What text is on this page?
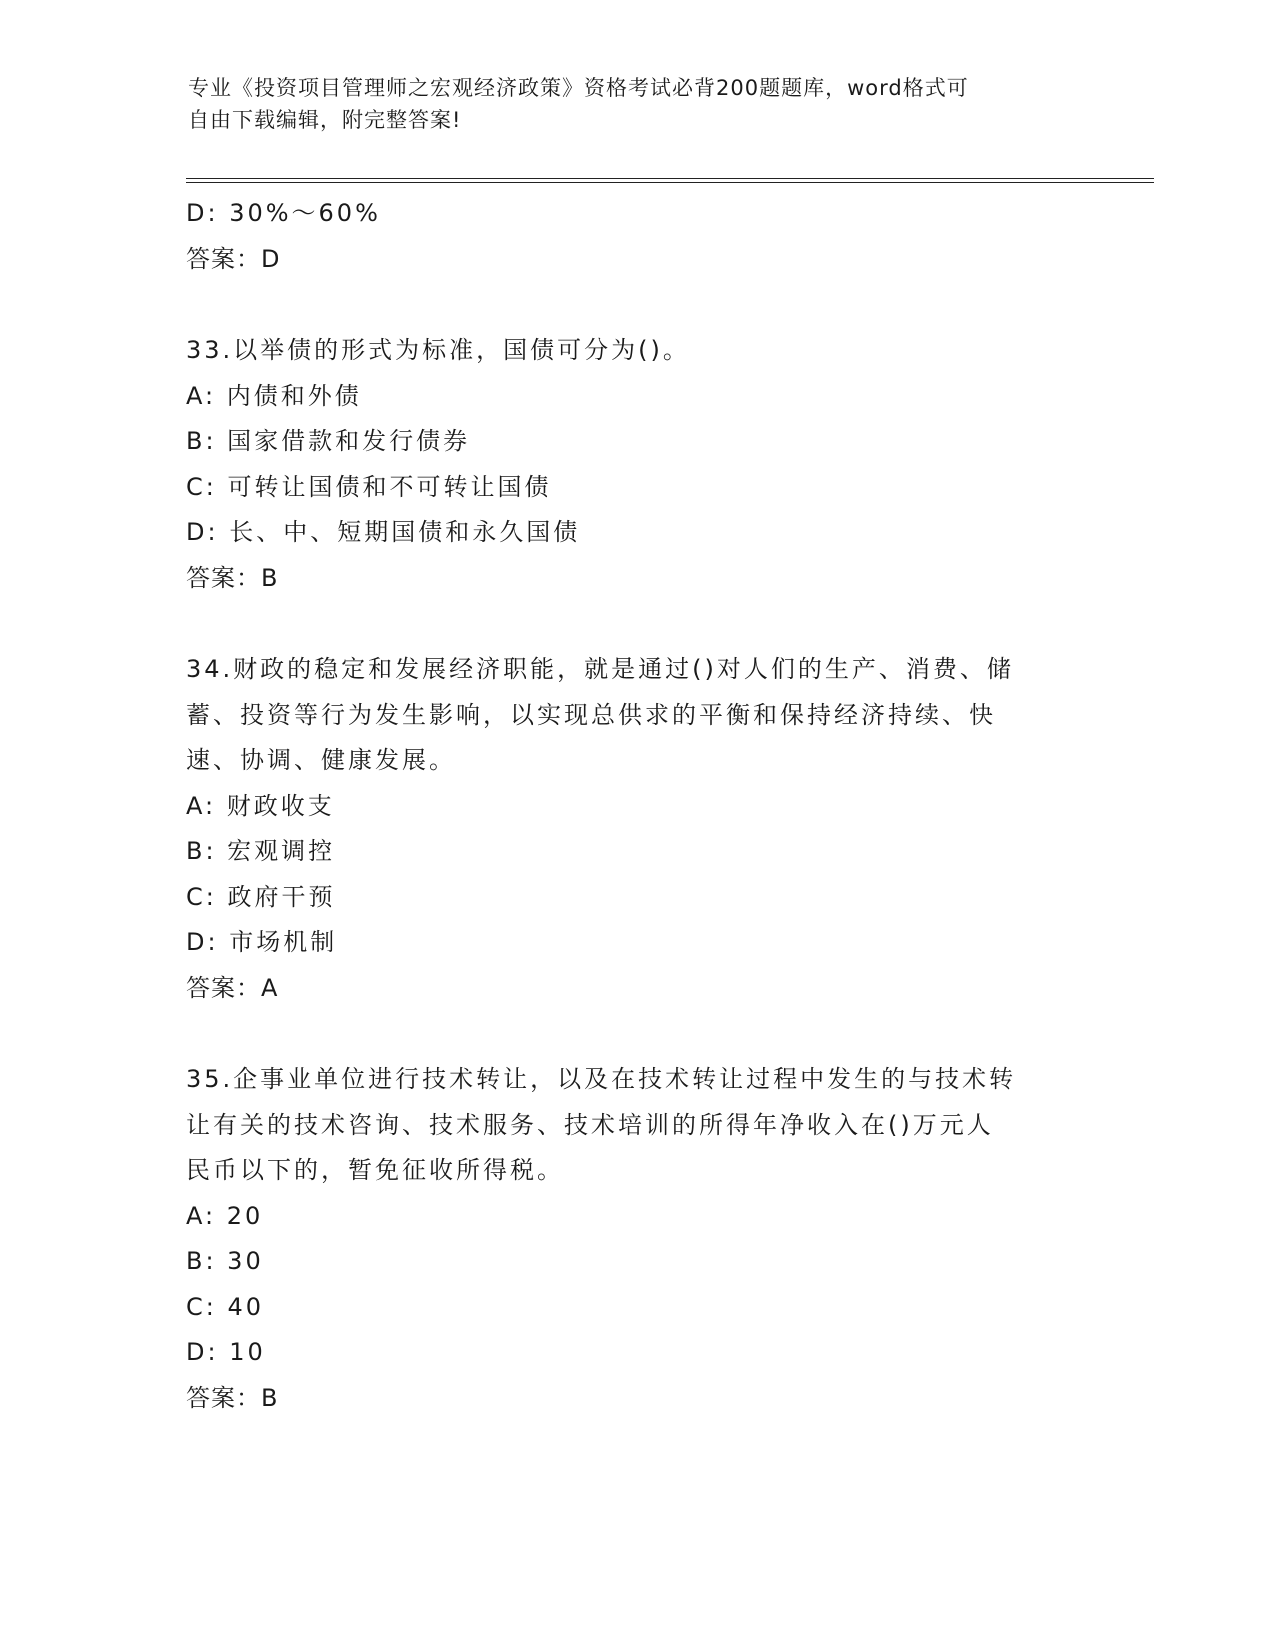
专业《投资项目管理师之宏观经济政策》资格考试必背200题题库，word格式可
自由下载编辑，附完整答案!
D: 30%～60%
答案：D
33.以举债的形式为标准，国债可分为()。
A: 内债和外债
B: 国家借款和发行债券
C: 可转让国债和不可转让国债
D: 长、中、短期国债和永久国债
答案：B
34.财政的稳定和发展经济职能，就是通过()对人们的生产、消费、储
蓄、投资等行为发生影响，以实现总供求的平衡和保持经济持续、快
速、协调、健康发展。
A: 财政收支
B: 宏观调控
C: 政府干预
D: 市场机制
答案：A
35.企事业单位进行技术转让，以及在技术转让过程中发生的与技术转
让有关的技术咨询、技术服务、技术培训的所得年净收入在()万元人
民币以下的，暂免征收所得税。
A: 20
B: 30
C: 40
D: 10
答案：B
